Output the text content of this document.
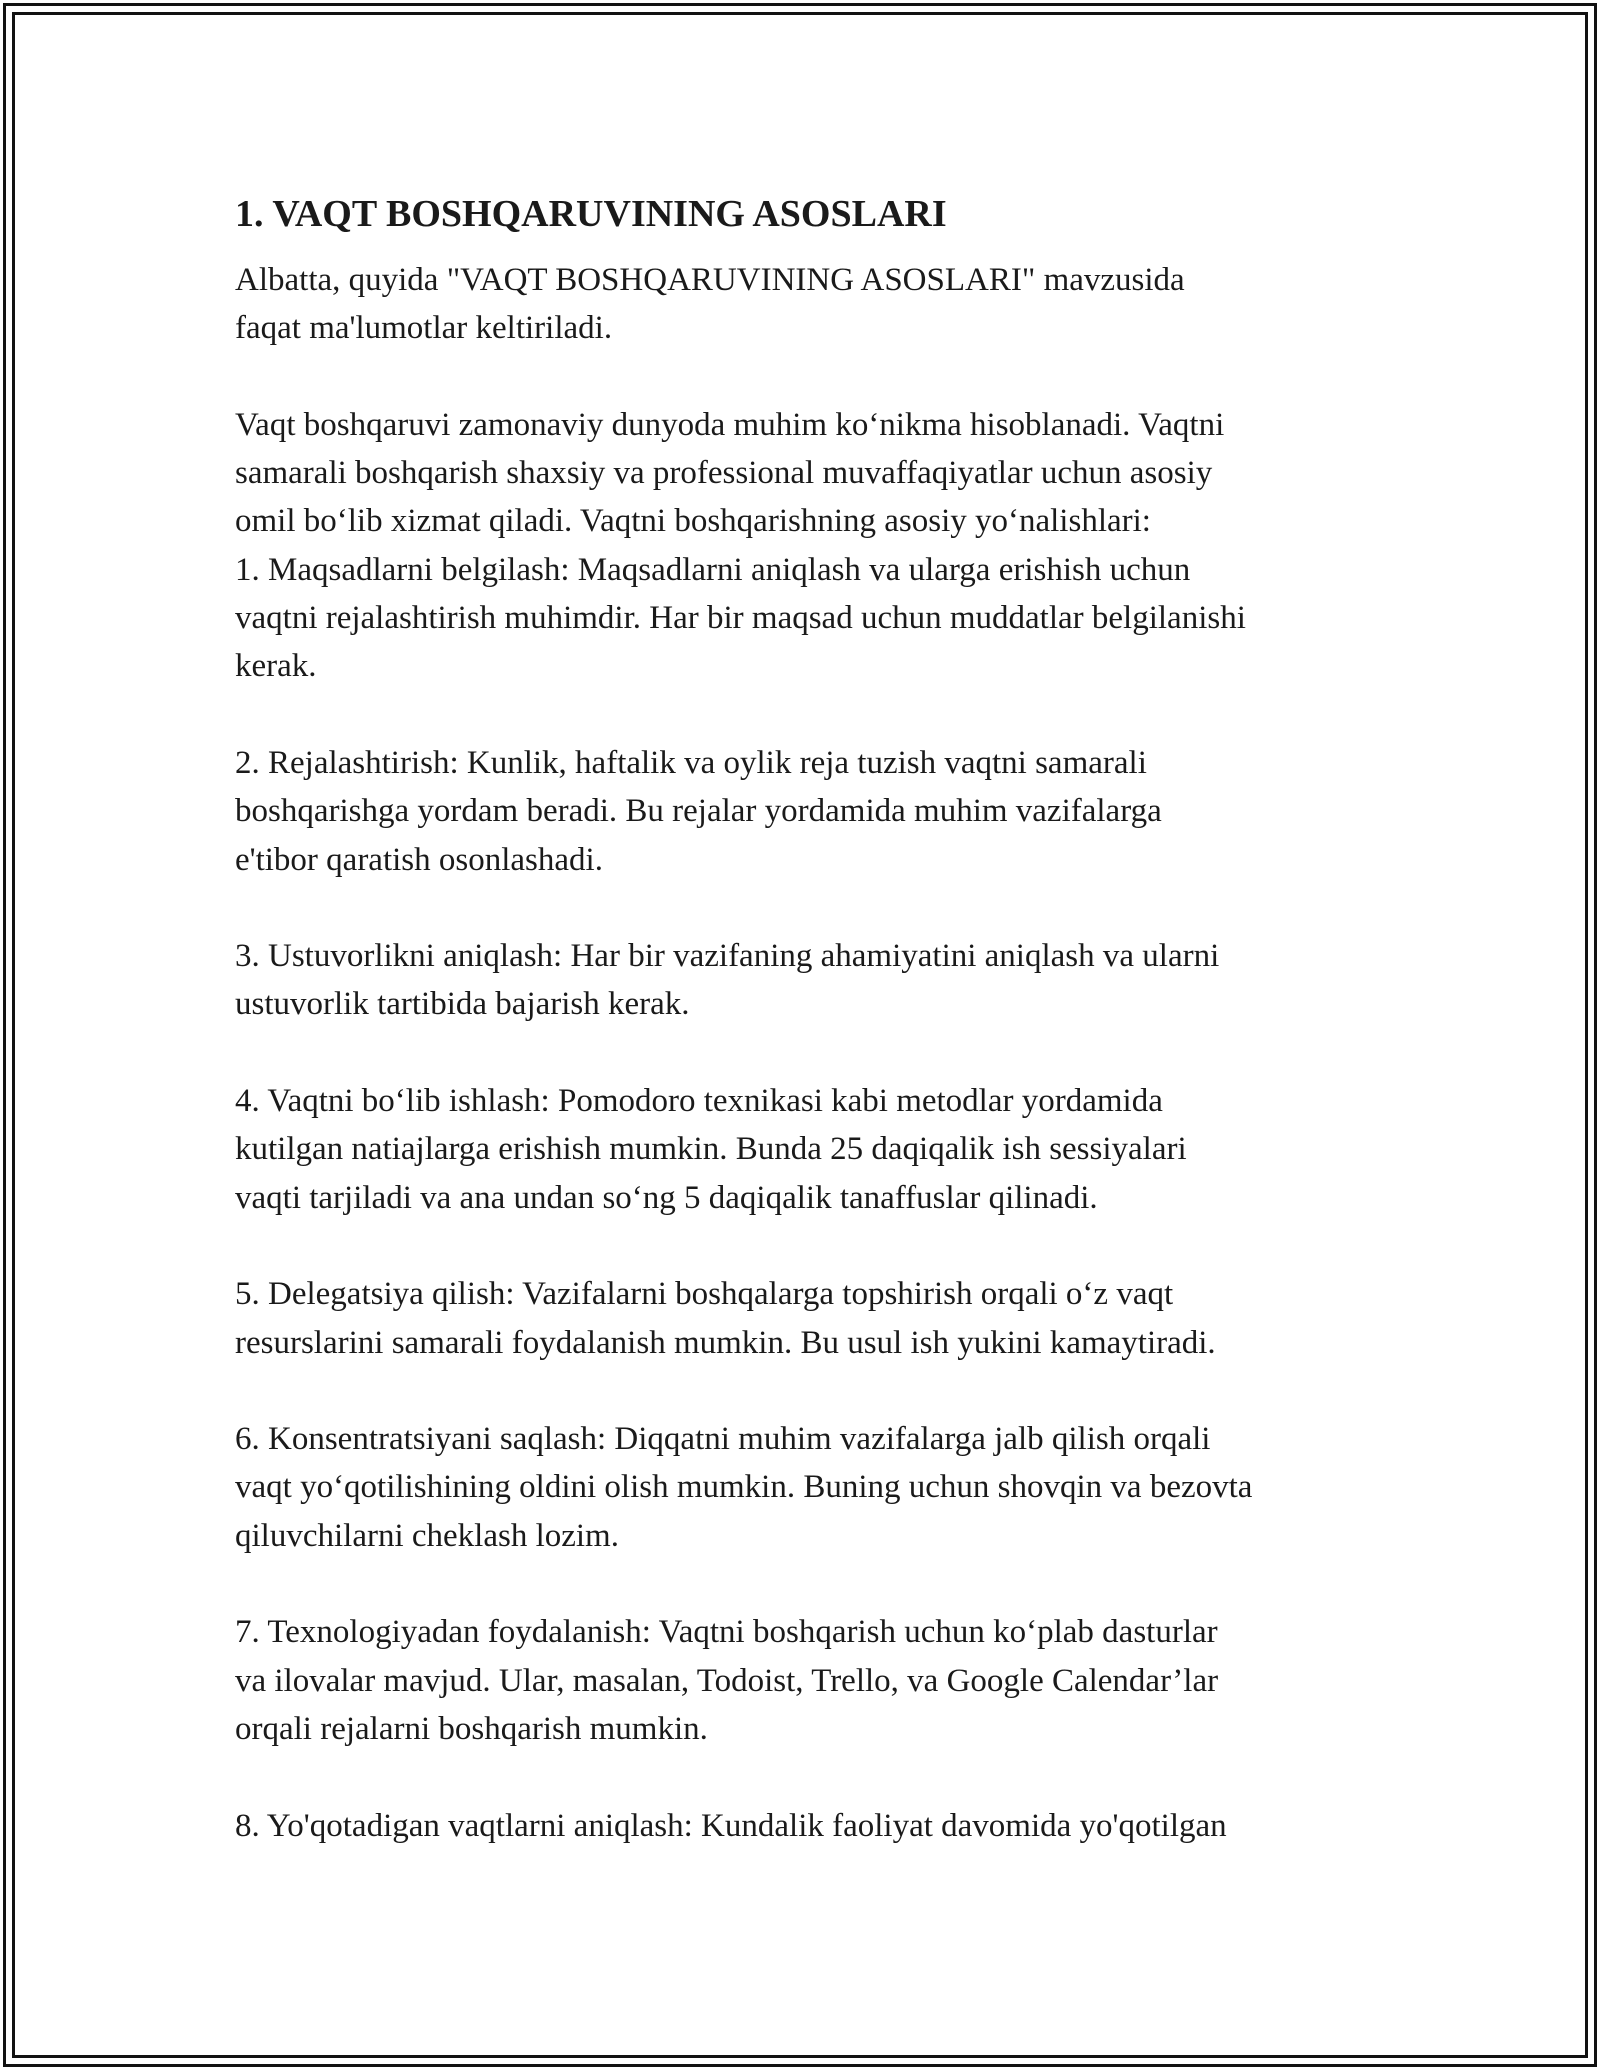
1. VAQT BOSHQARUVINING ASOSLARI
Albatta, quyida "VAQT BOSHQARUVINING ASOSLARI" mavzusida
faqat ma'lumotlar keltiriladi.
Vaqt boshqaruvi zamonaviy dunyoda muhim koʻnikma hisoblanadi. Vaqtni
samarali boshqarish shaxsiy va professional muvaffaqiyatlar uchun asosiy
omil boʻlib xizmat qiladi. Vaqtni boshqarishning asosiy yoʻnalishlari:
1. Maqsadlarni belgilash: Maqsadlarni aniqlash va ularga erishish uchun
vaqtni rejalashtirish muhimdir. Har bir maqsad uchun muddatlar belgilanishi
kerak.
2. Rejalashtirish: Kunlik, haftalik va oylik reja tuzish vaqtni samarali
boshqarishga yordam beradi. Bu rejalar yordamida muhim vazifalarga
e'tibor qaratish osonlashadi.
3. Ustuvorlikni aniqlash: Har bir vazifaning ahamiyatini aniqlash va ularni
ustuvorlik tartibida bajarish kerak.
4. Vaqtni boʻlib ishlash: Pomodoro texnikasi kabi metodlar yordamida
kutilgan natiajlarga erishish mumkin. Bunda 25 daqiqalik ish sessiyalari
vaqti tarjiladi va ana undan soʻng 5 daqiqalik tanaffuslar qilinadi.
5. Delegatsiya qilish: Vazifalarni boshqalarga topshirish orqali oʻz vaqt
resurslarini samarali foydalanish mumkin. Bu usul ish yukini kamaytiradi.
6. Konsentratsiyani saqlash: Diqqatni muhim vazifalarga jalb qilish orqali
vaqt yoʻqotilishining oldini olish mumkin. Buning uchun shovqin va bezovta
qiluvchilarni cheklash lozim.
7. Texnologiyadan foydalanish: Vaqtni boshqarish uchun koʻplab dasturlar
va ilovalar mavjud. Ular, masalan, Todoist, Trello, va Google Calendar’lar
orqali rejalarni boshqarish mumkin.
8. Yo'qotadigan vaqtlarni aniqlash: Kundalik faoliyat davomida yo'qotilgan
